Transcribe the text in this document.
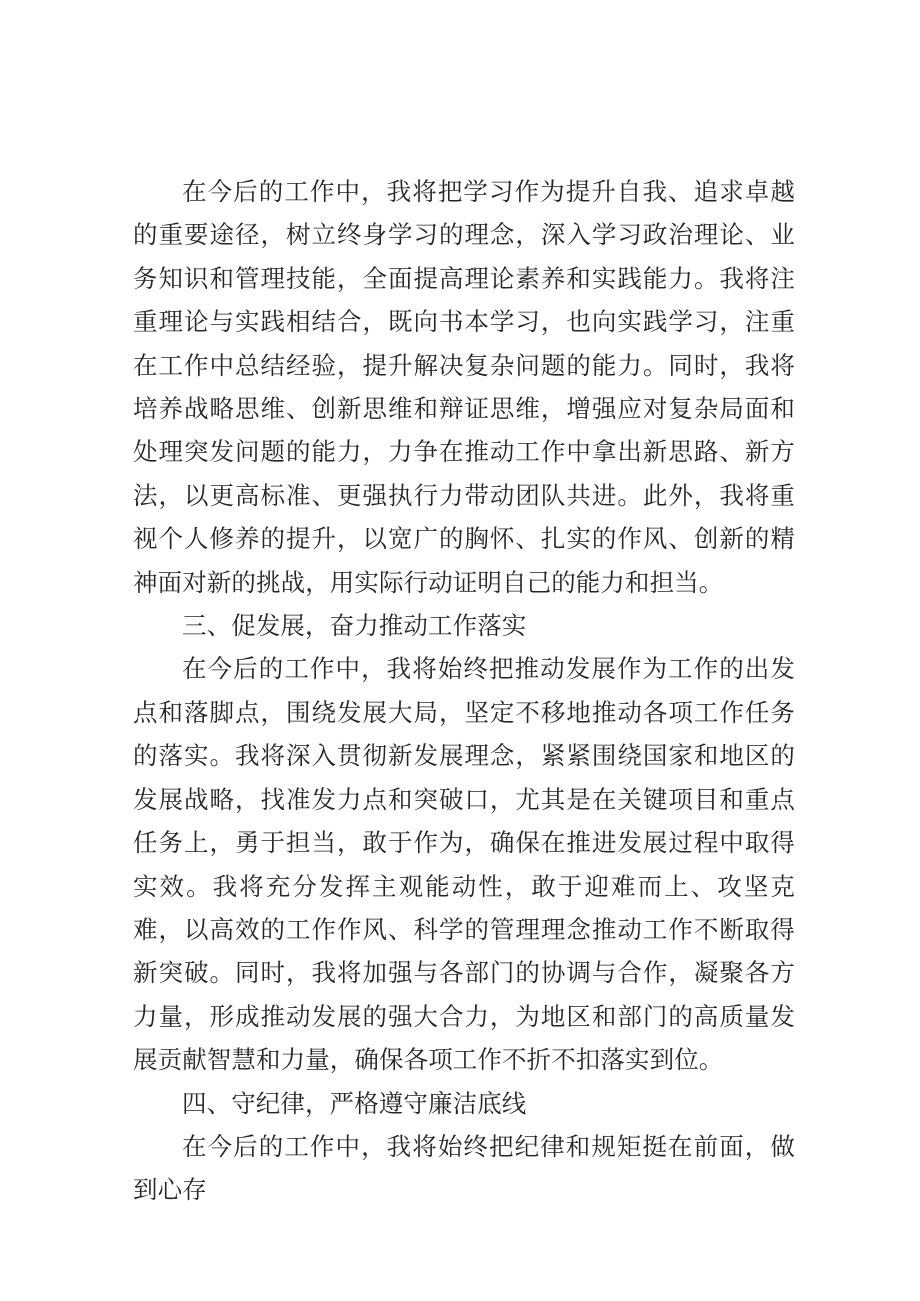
在今后的工作中，我将把学习作为提升自我、追求卓越的重要途径，树立终身学习的理念，深入学习政治理论、业务知识和管理技能，全面提高理论素养和实践能力。我将注重理论与实践相结合，既向书本学习，也向实践学习，注重在工作中总结经验，提升解决复杂问题的能力。同时，我将培养战略思维、创新思维和辩证思维，增强应对复杂局面和处理突发问题的能力，力争在推动工作中拿出新思路、新方法，以更高标准、更强执行力带动团队共进。此外，我将重视个人修养的提升，以宽广的胸怀、扎实的作风、创新的精神面对新的挑战，用实际行动证明自己的能力和担当。

三、促发展，奋力推动工作落实

在今后的工作中，我将始终把推动发展作为工作的出发点和落脚点，围绕发展大局，坚定不移地推动各项工作任务的落实。我将深入贯彻新发展理念，紧紧围绕国家和地区的发展战略，找准发力点和突破口，尤其是在关键项目和重点任务上，勇于担当，敢于作为，确保在推进发展过程中取得实效。我将充分发挥主观能动性，敢于迎难而上、攻坚克难，以高效的工作作风、科学的管理理念推动工作不断取得新突破。同时，我将加强与各部门的协调与合作，凝聚各方力量，形成推动发展的强大合力，为地区和部门的高质量发展贡献智慧和力量，确保各项工作不折不扣落实到位。

四、守纪律，严格遵守廉洁底线

在今后的工作中，我将始终把纪律和规矩挺在前面，做到心存
